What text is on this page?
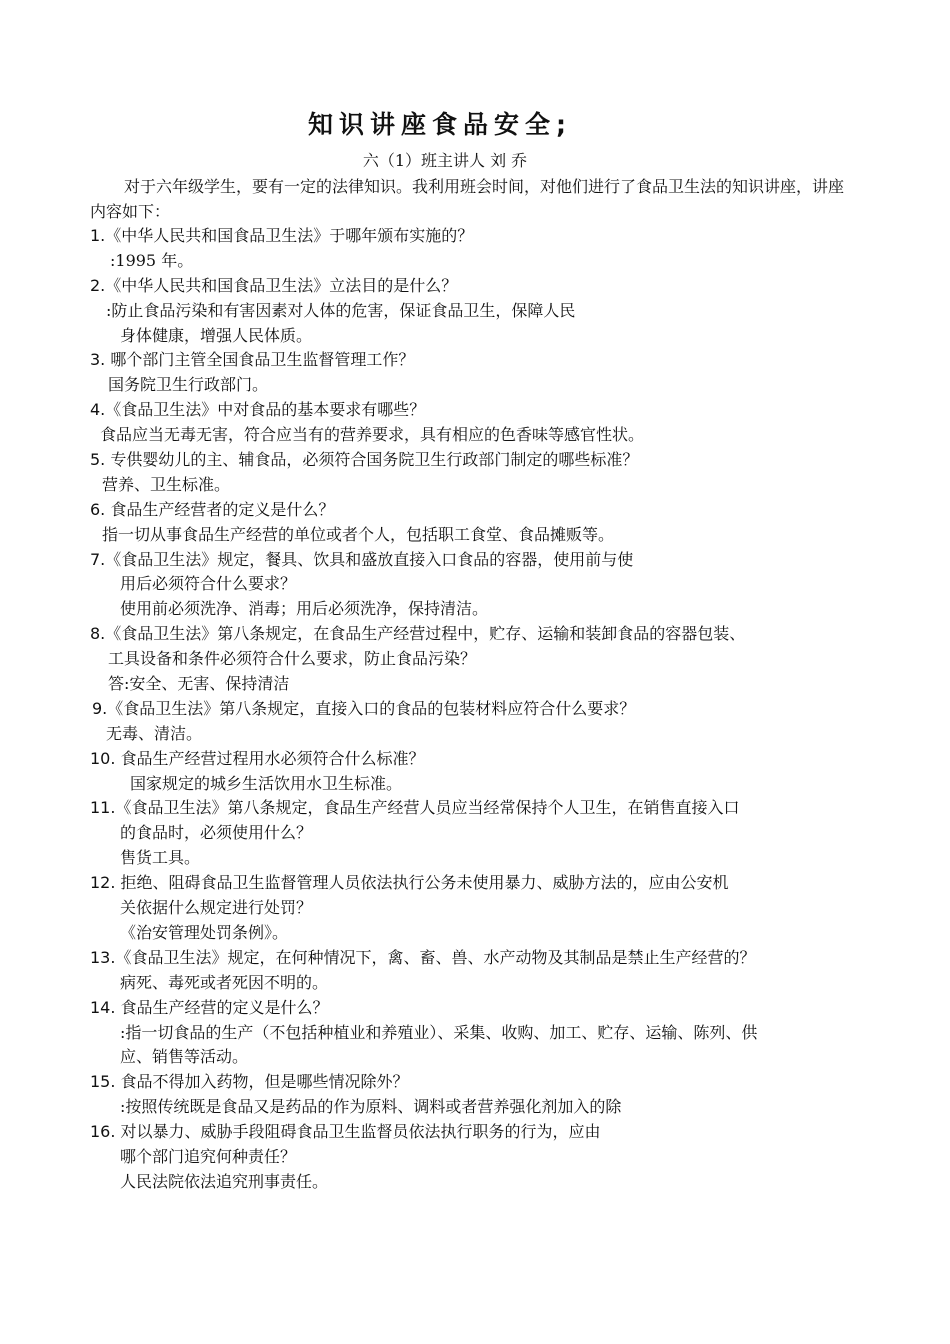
知识讲座食品安全;
六（1）班主讲人 刘 乔
对于六年级学生，要有一定的法律知识。我利用班会时间，对他们进行了食品卫生法的知识讲座，讲座内容如下：
1.《中华人民共和国食品卫生法》于哪年颁布实施的？
:1995 年。
2.《中华人民共和国食品卫生法》立法目的是什么？
:防止食品污染和有害因素对人体的危害，保证食品卫生，保障人民
身体健康，增强人民体质。
3. 哪个部门主管全国食品卫生监督管理工作？
国务院卫生行政部门。
4.《食品卫生法》中对食品的基本要求有哪些？
食品应当无毒无害，符合应当有的营养要求，具有相应的色香味等感官性状。
5. 专供婴幼儿的主、辅食品，必须符合国务院卫生行政部门制定的哪些标准？
营养、卫生标准。
6. 食品生产经营者的定义是什么？
指一切从事食品生产经营的单位或者个人，包括职工食堂、食品摊贩等。
7.《食品卫生法》规定，餐具、饮具和盛放直接入口食品的容器，使用前与使
用后必须符合什么要求？
使用前必须洗净、消毒；用后必须洗净，保持清洁。
8.《食品卫生法》第八条规定，在食品生产经营过程中，贮存、运输和装卸食品的容器包装、
工具设备和条件必须符合什么要求，防止食品污染？
答:安全、无害、保持清洁
9.《食品卫生法》第八条规定，直接入口的食品的包装材料应符合什么要求？
无毒、清洁。
10. 食品生产经营过程用水必须符合什么标准？
国家规定的城乡生活饮用水卫生标准。
11.《食品卫生法》第八条规定，食品生产经营人员应当经常保持个人卫生，在销售直接入口
的食品时，必须使用什么？
售货工具。
12. 拒绝、阻碍食品卫生监督管理人员依法执行公务未使用暴力、威胁方法的，应由公安机
关依据什么规定进行处罚？
《治安管理处罚条例》。
13.《食品卫生法》规定，在何种情况下，禽、畜、兽、水产动物及其制品是禁止生产经营的？
病死、毒死或者死因不明的。
14. 食品生产经营的定义是什么？
:指一切食品的生产（不包括种植业和养殖业）、采集、收购、加工、贮存、运输、陈列、供
应、销售等活动。
15. 食品不得加入药物，但是哪些情况除外？
:按照传统既是食品又是药品的作为原料、调料或者营养强化剂加入的除
16. 对以暴力、威胁手段阻碍食品卫生监督员依法执行职务的行为，应由
哪个部门追究何种责任？
人民法院依法追究刑事责任。
